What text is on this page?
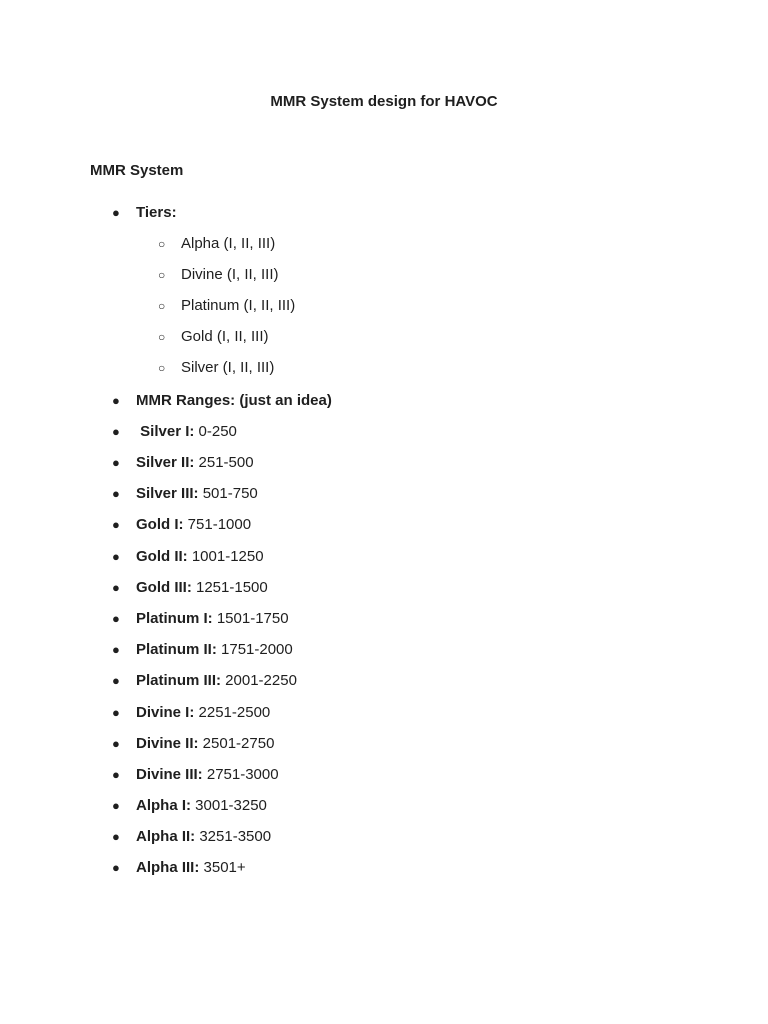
MMR System design for HAVOC
MMR System
● Tiers:
○ Alpha (I, II, III)
○ Divine (I, II, III)
○ Platinum (I, II, III)
○ Gold (I, II, III)
○ Silver (I, II, III)
● MMR Ranges: (just an idea)
● Silver I: 0-250
● Silver II: 251-500
● Silver III: 501-750
● Gold I: 751-1000
● Gold II: 1001-1250
● Gold III: 1251-1500
● Platinum I: 1501-1750
● Platinum II: 1751-2000
● Platinum III: 2001-2250
● Divine I: 2251-2500
● Divine II: 2501-2750
● Divine III: 2751-3000
● Alpha I: 3001-3250
● Alpha II: 3251-3500
● Alpha III: 3501+
